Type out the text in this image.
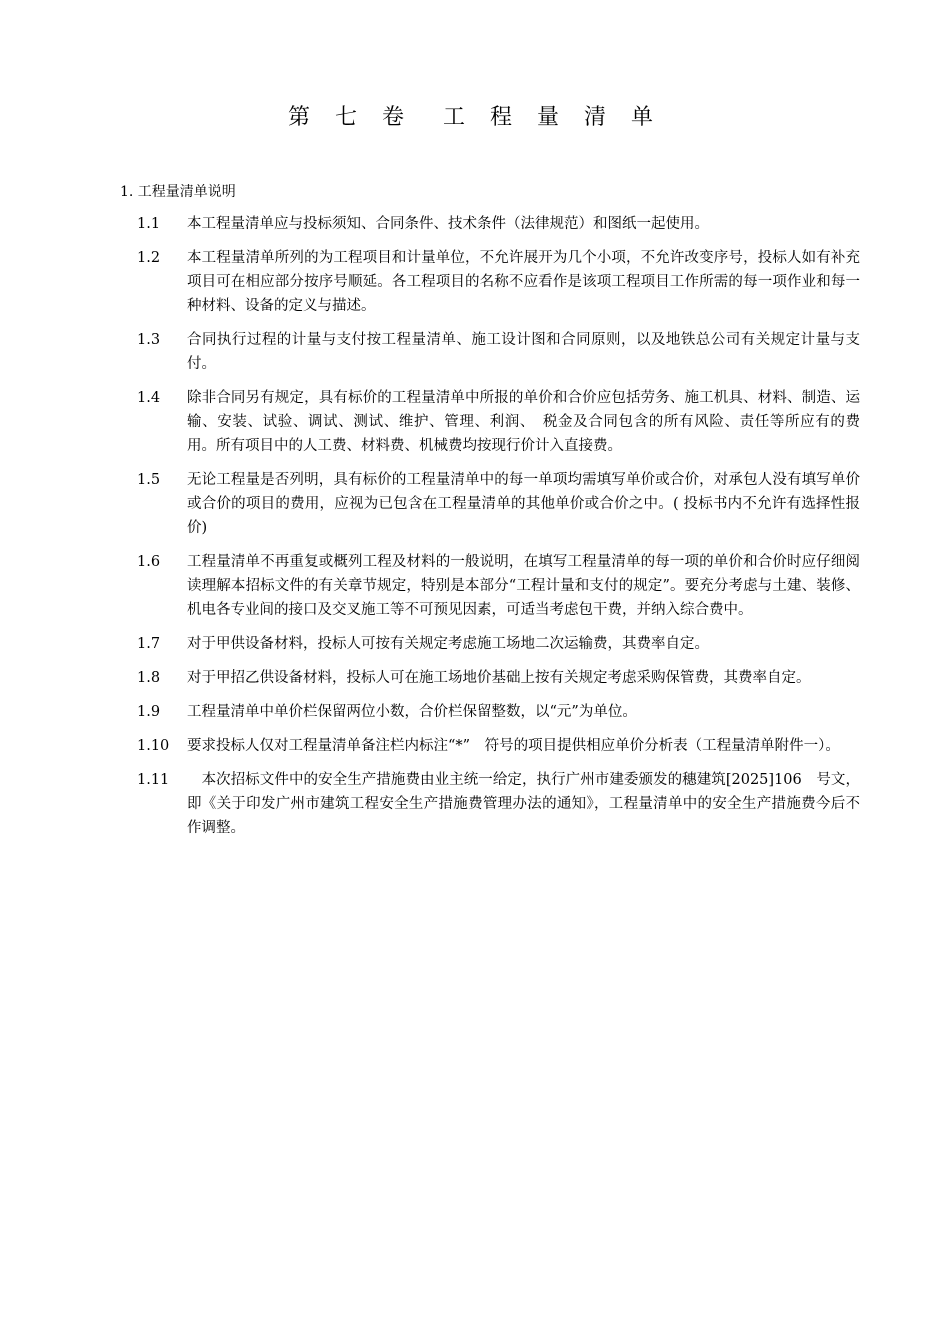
第 七 卷 工 程 量 清 单
1. 工程量清单说明
1.1	本工程量清单应与投标须知、合同条件、技术条件（法律规范）和图纸一起使用。
1.2	本工程量清单所列的为工程项目和计量单位，不允许展开为几个小项，不允许改变序号，投标人如有补充项目可在相应部分按序号顺延。各工程项目的名称不应看作是该项工程项目工作所需的每一项作业和每一种材料、设备的定义与描述。
1.3	合同执行过程的计量与支付按工程量清单、施工设计图和合同原则，以及地铁总公司有关规定计量与支付。
1.4	除非合同另有规定，具有标价的工程量清单中所报的单价和合价应包括劳务、施工机具、材料、制造、运输、安装、试验、调试、测试、维护、管理、利润、　税金及合同包含的所有风险、责任等所应有的费用。所有项目中的人工费、材料费、机械费均按现行价计入直接费。
1.5	无论工程量是否列明，具有标价的工程量清单中的每一单项均需填写单价或合价，对承包人没有填写单价或合价的项目的费用，应视为已包含在工程量清单的其他单价或合价之中。( 投标书内不允许有选择性报价)
1.6	工程量清单不再重复或概列工程及材料的一般说明，在填写工程量清单的每一项的单价和合价时应仔细阅读理解本招标文件的有关章节规定，特别是本部分“工程计量和支付的规定”。要充分考虑与土建、装修、机电各专业间的接口及交叉施工等不可预见因素，可适当考虑包干费，并纳入综合费中。
1.7	对于甲供设备材料，投标人可按有关规定考虑施工场地二次运输费，其费率自定。
1.8	对于甲招乙供设备材料，投标人可在施工场地价基础上按有关规定考虑采购保管费，其费率自定。
1.9	工程量清单中单价栏保留两位小数，合价栏保留整数，以“元”为单位。
1.10	要求投标人仅对工程量清单备注栏内标注“*”　符号的项目提供相应单价分析表（工程量清单附件一）。
1.11	　本次招标文件中的安全生产措施费由业主统一给定，执行广州市建委颁发的穗建筑[2025]106　号文，即《关于印发广州市建筑工程安全生产措施费管理办法的通知》，工程量清单中的安全生产措施费今后不作调整。
